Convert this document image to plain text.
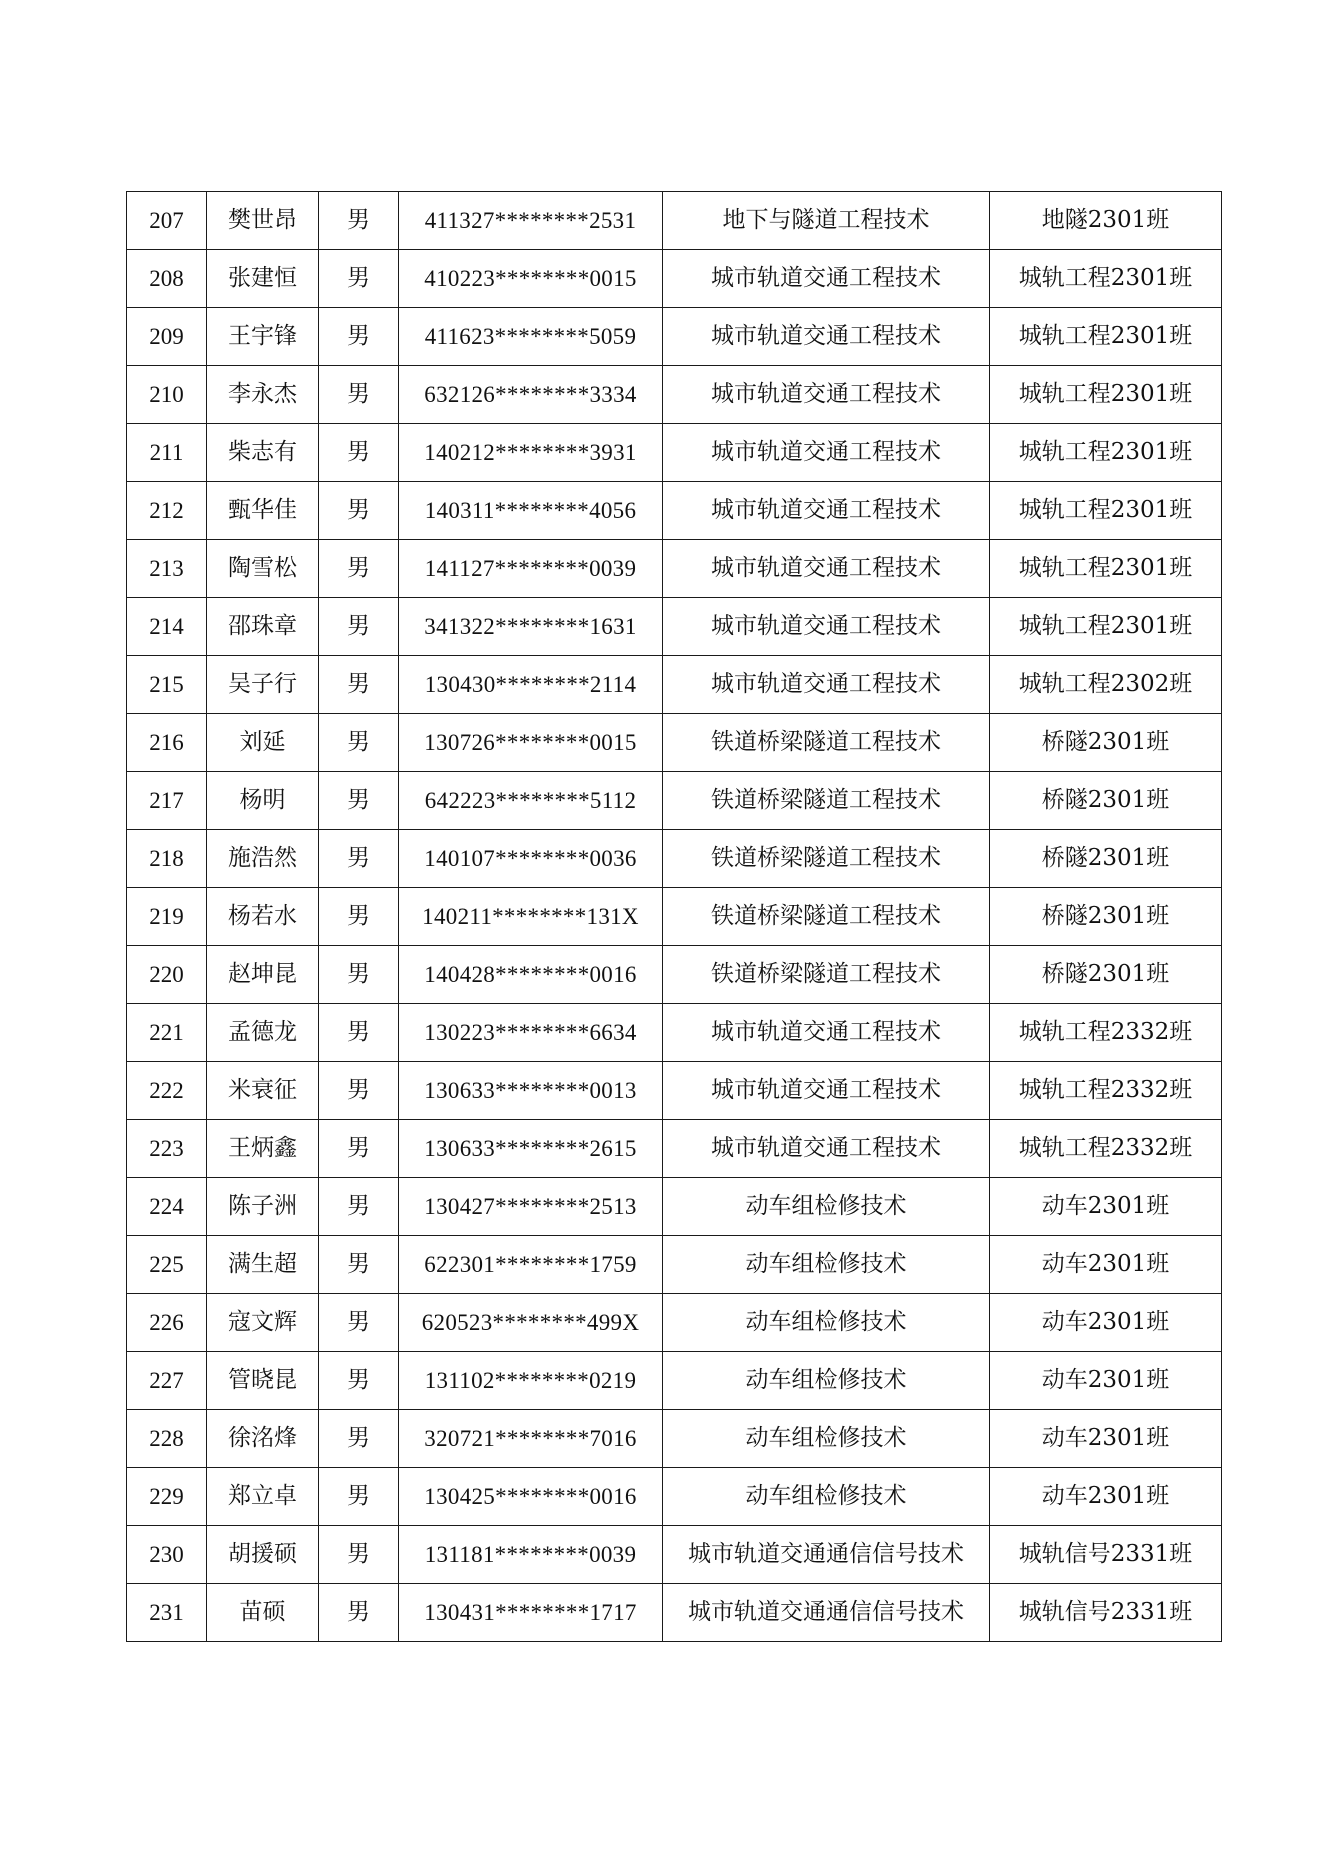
207	樊世昂	男	411327********2531	地下与隧道工程技术	地隧2301班
208	张建恒	男	410223********0015	城市轨道交通工程技术	城轨工程2301班
209	王宇锋	男	411623********5059	城市轨道交通工程技术	城轨工程2301班
210	李永杰	男	632126********3334	城市轨道交通工程技术	城轨工程2301班
211	柴志有	男	140212********3931	城市轨道交通工程技术	城轨工程2301班
212	甄华佳	男	140311********4056	城市轨道交通工程技术	城轨工程2301班
213	陶雪松	男	141127********0039	城市轨道交通工程技术	城轨工程2301班
214	邵珠章	男	341322********1631	城市轨道交通工程技术	城轨工程2301班
215	吴子行	男	130430********2114	城市轨道交通工程技术	城轨工程2302班
216	刘延	男	130726********0015	铁道桥梁隧道工程技术	桥隧2301班
217	杨明	男	642223********5112	铁道桥梁隧道工程技术	桥隧2301班
218	施浩然	男	140107********0036	铁道桥梁隧道工程技术	桥隧2301班
219	杨若水	男	140211********131X	铁道桥梁隧道工程技术	桥隧2301班
220	赵坤昆	男	140428********0016	铁道桥梁隧道工程技术	桥隧2301班
221	孟德龙	男	130223********6634	城市轨道交通工程技术	城轨工程2332班
222	米衰征	男	130633********0013	城市轨道交通工程技术	城轨工程2332班
223	王炳鑫	男	130633********2615	城市轨道交通工程技术	城轨工程2332班
224	陈子洲	男	130427********2513	动车组检修技术	动车2301班
225	满生超	男	622301********1759	动车组检修技术	动车2301班
226	寇文辉	男	620523********499X	动车组检修技术	动车2301班
227	管晓昆	男	131102********0219	动车组检修技术	动车2301班
228	徐洺烽	男	320721********7016	动车组检修技术	动车2301班
229	郑立卓	男	130425********0016	动车组检修技术	动车2301班
230	胡援硕	男	131181********0039	城市轨道交通通信信号技术	城轨信号2331班
231	苗硕	男	130431********1717	城市轨道交通通信信号技术	城轨信号2331班
